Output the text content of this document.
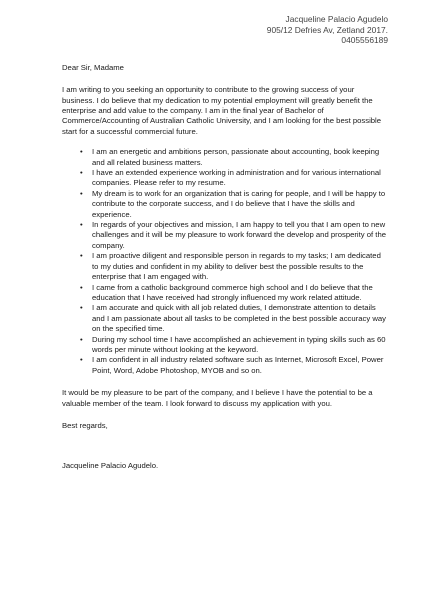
Jacqueline Palacio Agudelo
905/12 Defries Av, Zetland 2017.
0405556189

Dear Sir, Madame

I am writing to you seeking an opportunity to contribute to the growing success of your business. I do believe that my dedication to my potential employment will greatly benefit the enterprise and add value to the company. I am in the final year of Bachelor of Commerce/Accounting of Australian Catholic University, and I am looking for the best possible start for a successful commercial future.

• I am an energetic and ambitions person, passionate about accounting, book keeping and all related business matters.
• I have an extended experience working in administration and for various international companies. Please refer to my resume.
• My dream is to work for an organization that is caring for people, and I will be happy to contribute to the corporate success, and I do believe that I have the skills and experience.
• In regards of your objectives and mission, I am happy to tell you that I am open to new challenges and it will be my pleasure to work forward the develop and prosperity of the company.
• I am proactive diligent and responsible person in regards to my tasks; I am dedicated to my duties and confident in my ability to deliver best the possible results to the enterprise that I am engaged with.
• I came from a catholic background commerce high school and I do believe that the education that I have received had strongly influenced my work related attitude.
• I am accurate and quick with all job related duties, I demonstrate attention to details and I am passionate about all tasks to be completed in the best possible accuracy way on the specified time.
• During my school time I have accomplished an achievement in typing skills such as 60 words per minute without looking at the keyword.
• I am confident in all industry related software such as Internet, Microsoft Excel, Power Point, Word, Adobe Photoshop, MYOB and so on.

It would be my pleasure to be part of the company, and I believe I have the potential to be a valuable member of the team. I look forward to discuss my application with you.

Best regards,

Jacqueline Palacio Agudelo.
